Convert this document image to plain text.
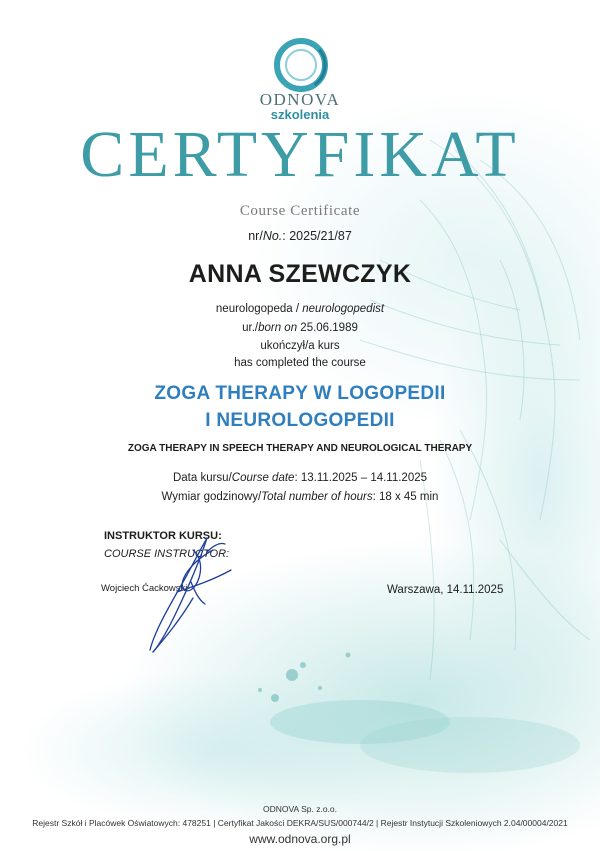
ODNOVA
szkolenia
CERTYFIKAT
Course Certificate
nr/No.: 2025/21/87
ANNA SZEWCZYK
neurologopeda / neurologopedist
ur./born on 25.06.1989
ukończył/a kurs
has completed the course
ZOGA THERAPY W LOGOPEDII
I NEUROLOGOPEDII
ZOGA THERAPY IN SPEECH THERAPY AND NEUROLOGICAL THERAPY
Data kursu/Course date: 13.11.2025 – 14.11.2025
Wymiar godzinowy/Total number of hours: 18 x 45 min
INSTRUKTOR KURSU:
COURSE INSTRUCTOR:
Wojciech Ćackowski	Warszawa, 14.11.2025
ODNOVA Sp. z.o.o.
Rejestr Szkół i Placówek Oświatowych: 478251 | Certyfikat Jakości DEKRA/SUS/000744/2 | Rejestr Instytucji Szkoleniowych 2.04/00004/2021
www.odnova.org.pl
